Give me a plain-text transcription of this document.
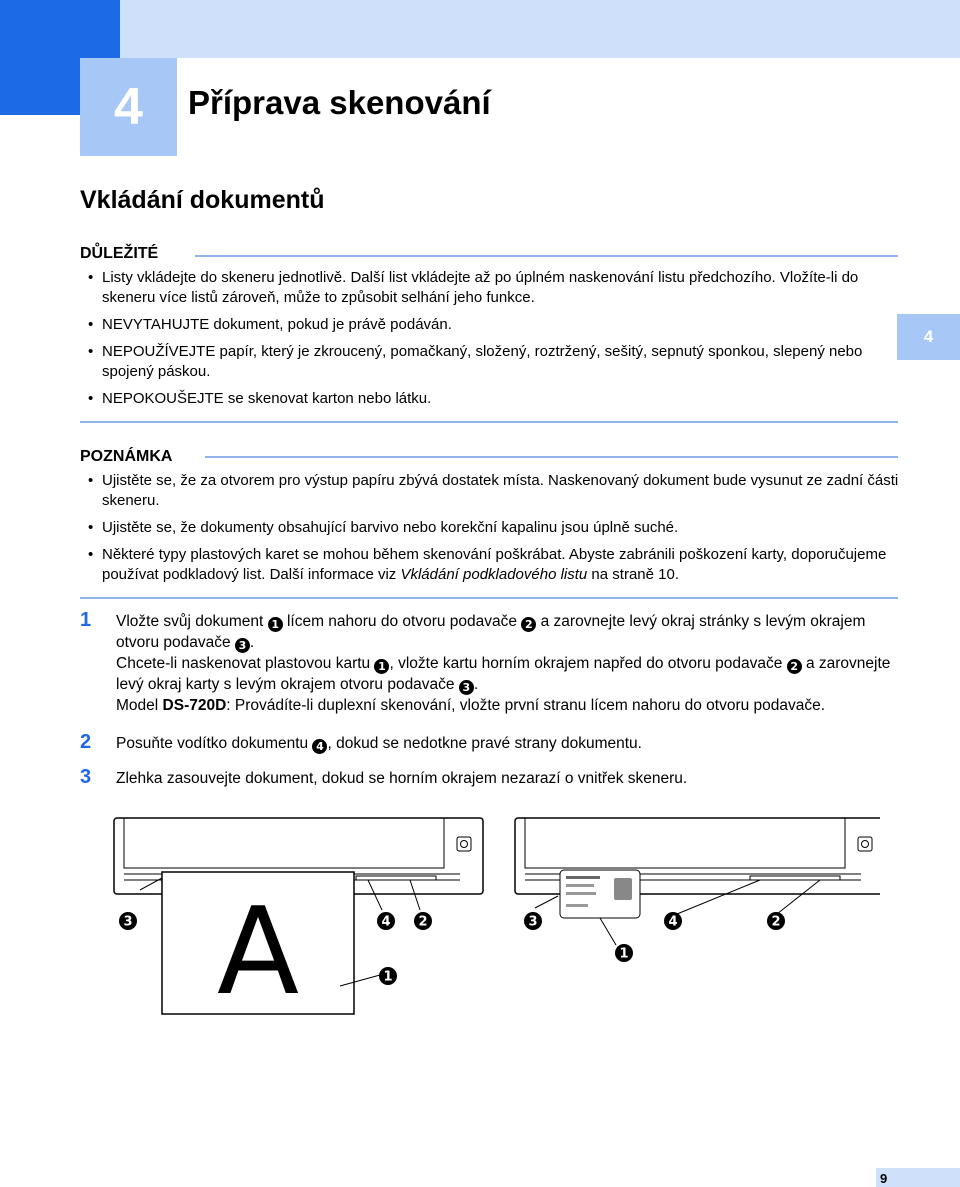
4	Příprava skenování
Vkládání dokumentů
DŮLEŽITÉ
• Listy vkládejte do skeneru jednotlivě. Další list vkládejte až po úplném naskenování listu předchozího. Vložíte-li do skeneru více listů zároveň, může to způsobit selhání jeho funkce.
• NEVYTAHUJTE dokument, pokud je právě podáván.
• NEPOUŽÍVEJTE papír, který je zkroucený, pomačkaný, složený, roztržený, sešitý, sepnutý sponkou, slepený nebo spojený páskou.
• NEPOKOUŠEJTE se skenovat karton nebo látku.
4
POZNÁMKA
• Ujistěte se, že za otvorem pro výstup papíru zbývá dostatek místa. Naskenovaný dokument bude vysunut ze zadní části skeneru.
• Ujistěte se, že dokumenty obsahující barvivo nebo korekční kapalinu jsou úplně suché.
• Některé typy plastových karet se mohou během skenování poškrábat. Abyste zabránili poškození karty, doporučujeme používat podkladový list. Další informace viz Vkládání podkladového listu na straně 10.
1 Vložte svůj dokument 1 lícem nahoru do otvoru podavače 2 a zarovnejte levý okraj stránky s levým okrajem otvoru podavače 3 .
Chcete-li naskenovat plastovou kartu 1 , vložte kartu horním okrajem napřed do otvoru podavače 2 a zarovnejte levý okraj karty s levým okrajem otvoru podavače 3 .
Model DS-720D: Provádíte-li duplexní skenování, vložte první stranu lícem nahoru do otvoru podavače.
2 Posuňte vodítko dokumentu 4 , dokud se nedotkne pravé strany dokumentu.
3 Zlehka zasouvejte dokument, dokud se horním okrajem nezarazí o vnitřek skeneru.
A
3	4 2
1
3	4	2
1
9
